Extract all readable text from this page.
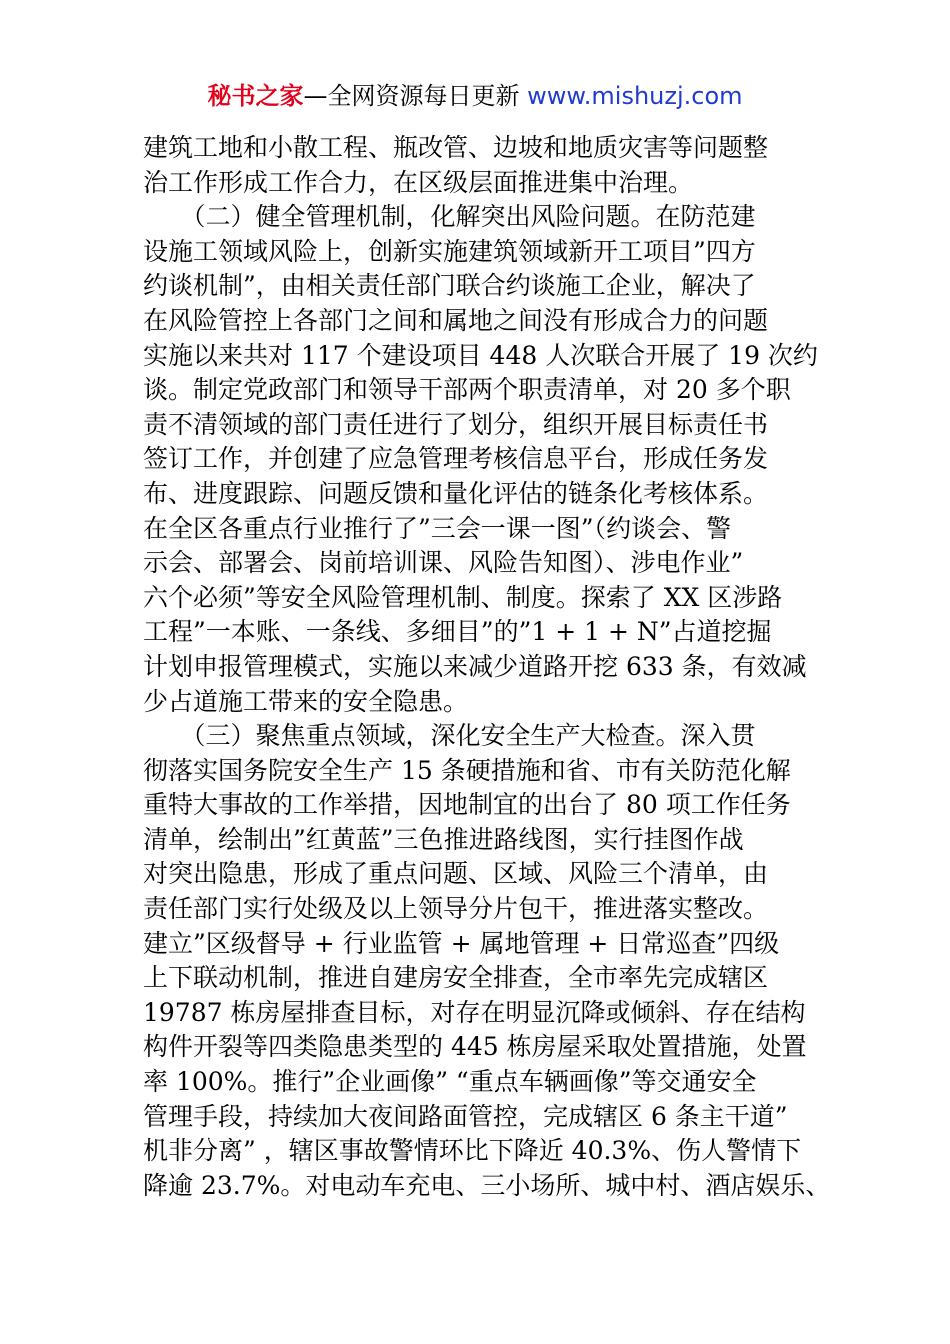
秘书之家—全网资源每日更新 www.mishuzj.com
建筑工地和小散工程、瓶改管、边坡和地质灾害等问题整
治工作形成工作合力，在区级层面推进集中治理。
　　（二）健全管理机制，化解突出风险问题。在防范建
设施工领域风险上，创新实施建筑领域新开工项目”四方
约谈机制”，由相关责任部门联合约谈施工企业，解决了
在风险管控上各部门之间和属地之间没有形成合力的问题
实施以来共对 117 个建设项目 448 人次联合开展了 19 次约
谈。制定党政部门和领导干部两个职责清单，对 20 多个职
责不清领域的部门责任进行了划分，组织开展目标责任书
签订工作，并创建了应急管理考核信息平台，形成任务发
布、进度跟踪、问题反馈和量化评估的链条化考核体系。
在全区各重点行业推行了”三会一课一图”（约谈会、警
示会、部署会、岗前培训课、风险告知图）、涉电作业”
六个必须”等安全风险管理机制、制度。探索了 XX 区涉路
工程”一本账、一条线、多细目”的”1 + 1 + N”占道挖掘
计划申报管理模式，实施以来减少道路开挖 633 条，有效减
少占道施工带来的安全隐患。
　　（三）聚焦重点领域，深化安全生产大检查。深入贯
彻落实国务院安全生产 15 条硬措施和省、市有关防范化解
重特大事故的工作举措，因地制宜的出台了 80 项工作任务
清单，绘制出”红黄蓝”三色推进路线图，实行挂图作战
对突出隐患，形成了重点问题、区域、风险三个清单，由
责任部门实行处级及以上领导分片包干，推进落实整改。
建立”区级督导 + 行业监管 + 属地管理 + 日常巡查”四级
上下联动机制，推进自建房安全排查，全市率先完成辖区
19787 栋房屋排查目标，对存在明显沉降或倾斜、存在结构
构件开裂等四类隐患类型的 445 栋房屋采取处置措施，处置
率 100%。推行”企业画像” “重点车辆画像”等交通安全
管理手段，持续加大夜间路面管控，完成辖区 6 条主干道”
机非分离” ，辖区事故警情环比下降近 40.3%、伤人警情下
降逾 23.7%。对电动车充电、三小场所、城中村、酒店娱乐、
